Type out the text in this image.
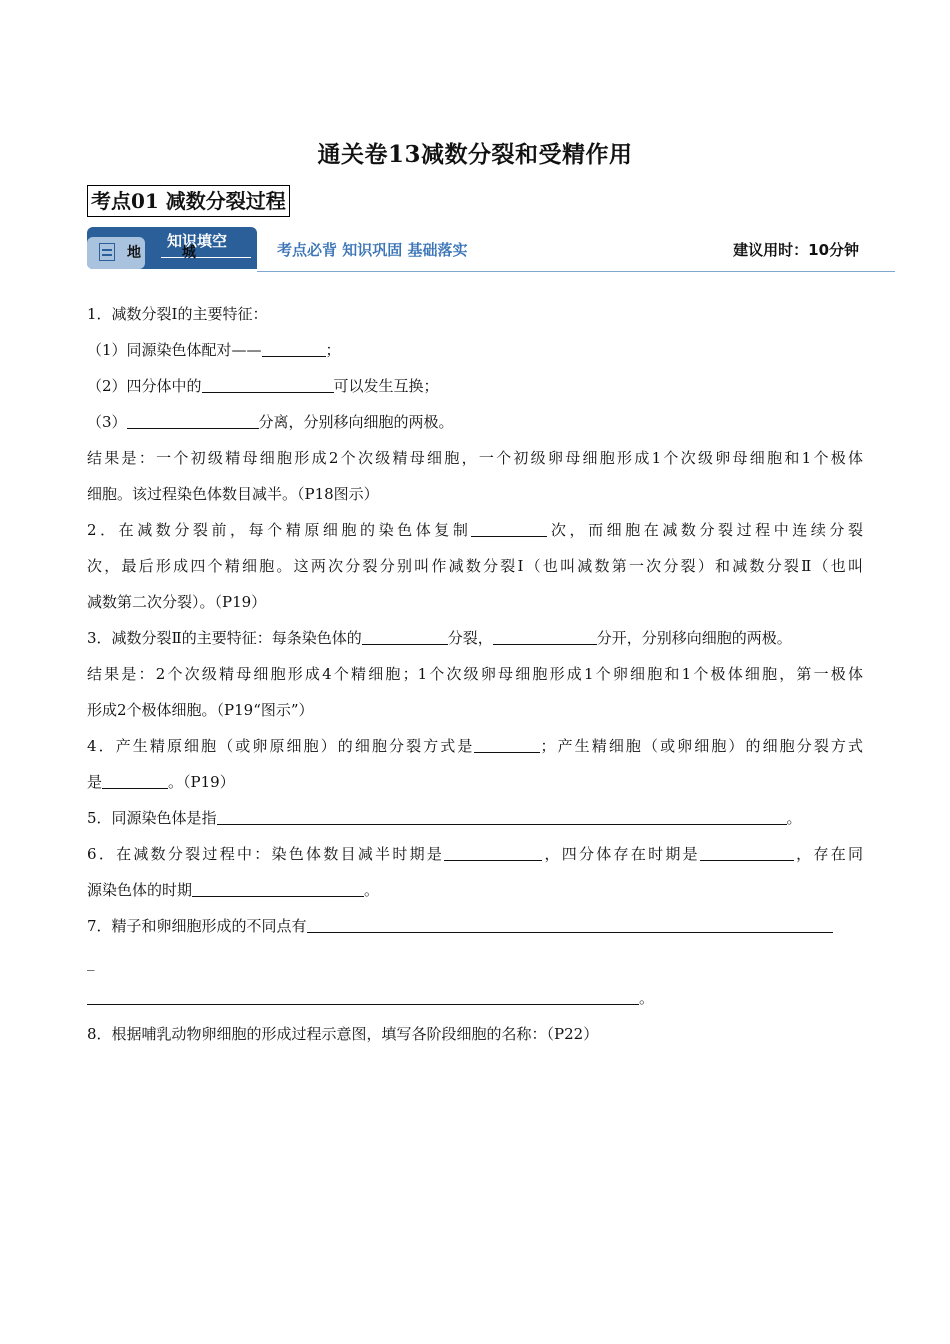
通关卷13减数分裂和受精作用
考点01 减数分裂过程
知识填空
地 城	考点必背 知识巩固 基础落实	建议用时：10分钟
1．减数分裂Ⅰ的主要特征：
（1）同源染色体配对——	；
（2）四分体中的	可以发生互换；
（3）	分离，分别移向细胞的两极。
结果是：一个初级精母细胞形成2个次级精母细胞，一个初级卵母细胞形成1个次级卵母细胞和1个极体
细胞。该过程染色体数目减半。（P18图示）
2．在减数分裂前，每个精原细胞的染色体复制	次，而细胞在减数分裂过程中连续分裂
次，最后形成四个精细胞。这两次分裂分别叫作减数分裂Ⅰ（也叫减数第一次分裂）和减数分裂Ⅱ（也叫
减数第二次分裂）。（P19）
3．减数分裂Ⅱ的主要特征：每条染色体的	分裂，	分开，分别移向细胞的两极。
结果是：2个次级精母细胞形成4个精细胞；1个次级卵母细胞形成1个卵细胞和1个极体细胞，第一极体
形成2个极体细胞。（P19“图示”）
4．产生精原细胞（或卵原细胞）的细胞分裂方式是	；产生精细胞（或卵细胞）的细胞分裂方式
是	。（P19）
5．同源染色体是指	。
6．在减数分裂过程中：染色体数目减半时期是	，四分体存在时期是	，存在同
源染色体的时期	。
7．精子和卵细胞形成的不同点有
_
。
8．根据哺乳动物卵细胞的形成过程示意图，填写各阶段细胞的名称：（P22）
